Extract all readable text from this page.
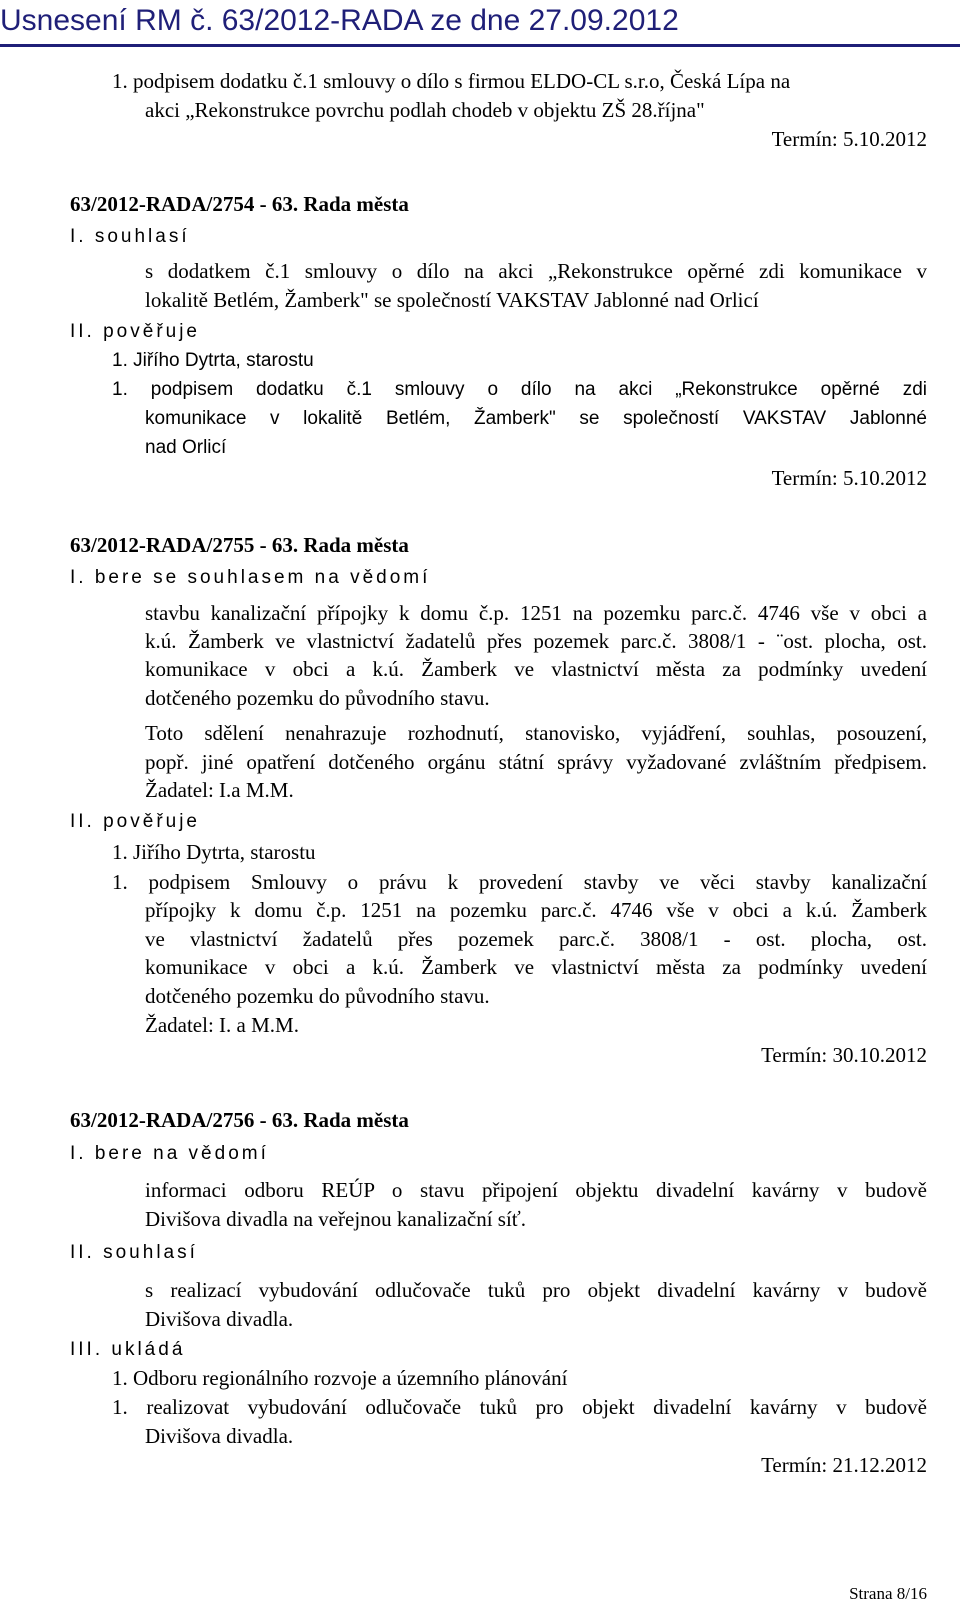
Usnesení RM č. 63/2012-RADA ze dne 27.09.2012
1. podpisem dodatku č.1 smlouvy o dílo s firmou ELDO-CL s.r.o, Česká Lípa na
akci „Rekonstrukce povrchu podlah chodeb v objektu ZŠ 28.října"
Termín: 5.10.2012
63/2012-RADA/2754 - 63. Rada města
I. souhlasí
s dodatkem č.1 smlouvy o dílo na akci „Rekonstrukce opěrné zdi komunikace v
lokalitě Betlém, Žamberk" se společností VAKSTAV Jablonné nad Orlicí
II. pověřuje
1. Jiřího Dytrta, starostu
1. podpisem dodatku č.1 smlouvy o dílo na akci „Rekonstrukce opěrné zdi
komunikace v lokalitě Betlém, Žamberk" se společností VAKSTAV Jablonné
nad Orlicí
Termín: 5.10.2012
63/2012-RADA/2755 - 63. Rada města
I. bere se souhlasem na vědomí
stavbu kanalizační přípojky k domu č.p. 1251 na pozemku parc.č. 4746 vše v obci a
k.ú. Žamberk ve vlastnictví žadatelů přes pozemek parc.č. 3808/1 - ¨ost. plocha, ost.
komunikace v obci a k.ú. Žamberk ve vlastnictví města za podmínky uvedení
dotčeného pozemku do původního stavu.
Toto sdělení nenahrazuje rozhodnutí, stanovisko, vyjádření, souhlas, posouzení,
popř. jiné opatření dotčeného orgánu státní správy vyžadované zvláštním předpisem.
Žadatel: I.a M.M.
II. pověřuje
1. Jiřího Dytrta, starostu
1. podpisem Smlouvy o právu k provedení stavby ve věci stavby kanalizační
přípojky k domu č.p. 1251 na pozemku parc.č. 4746 vše v obci a k.ú. Žamberk
ve vlastnictví žadatelů přes pozemek parc.č. 3808/1 - ost. plocha, ost.
komunikace v obci a k.ú. Žamberk ve vlastnictví města za podmínky uvedení
dotčeného pozemku do původního stavu.
Žadatel: I. a M.M.
Termín: 30.10.2012
63/2012-RADA/2756 - 63. Rada města
I. bere na vědomí
informaci odboru REÚP o stavu připojení objektu divadelní kavárny v budově
Divišova divadla na veřejnou kanalizační síť.
II. souhlasí
s realizací vybudování odlučovače tuků pro objekt divadelní kavárny v budově
Divišova divadla.
III. ukládá
1. Odboru regionálního rozvoje a územního plánování
1. realizovat vybudování odlučovače tuků pro objekt divadelní kavárny v budově
Divišova divadla.
Termín: 21.12.2012
Strana 8/16
